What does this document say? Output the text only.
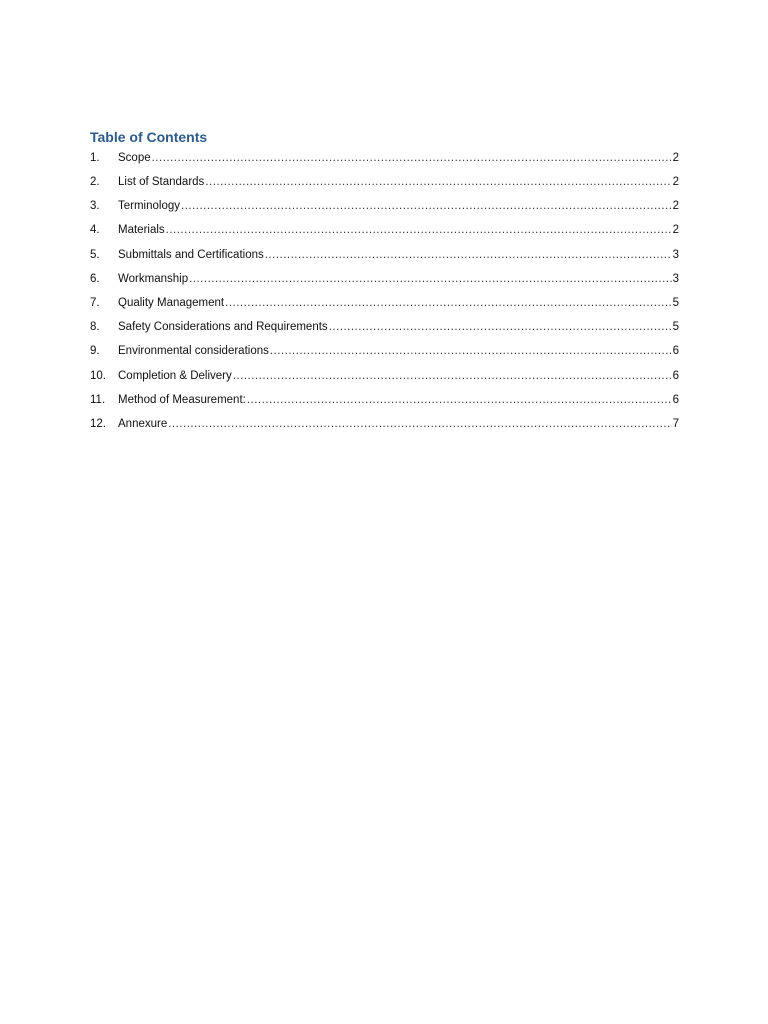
Table of Contents
1.	Scope .....	2
2.	List of Standards .....	2
3.	Terminology .....	2
4.	Materials .....	2
5.	Submittals and Certifications .....	3
6.	Workmanship .....	3
7.	Quality Management .....	5
8.	Safety Considerations and Requirements .....	5
9.	Environmental considerations .....	6
10.	Completion & Delivery .....	6
11.	Method of Measurement: .....	6
12.	Annexure .....	7
